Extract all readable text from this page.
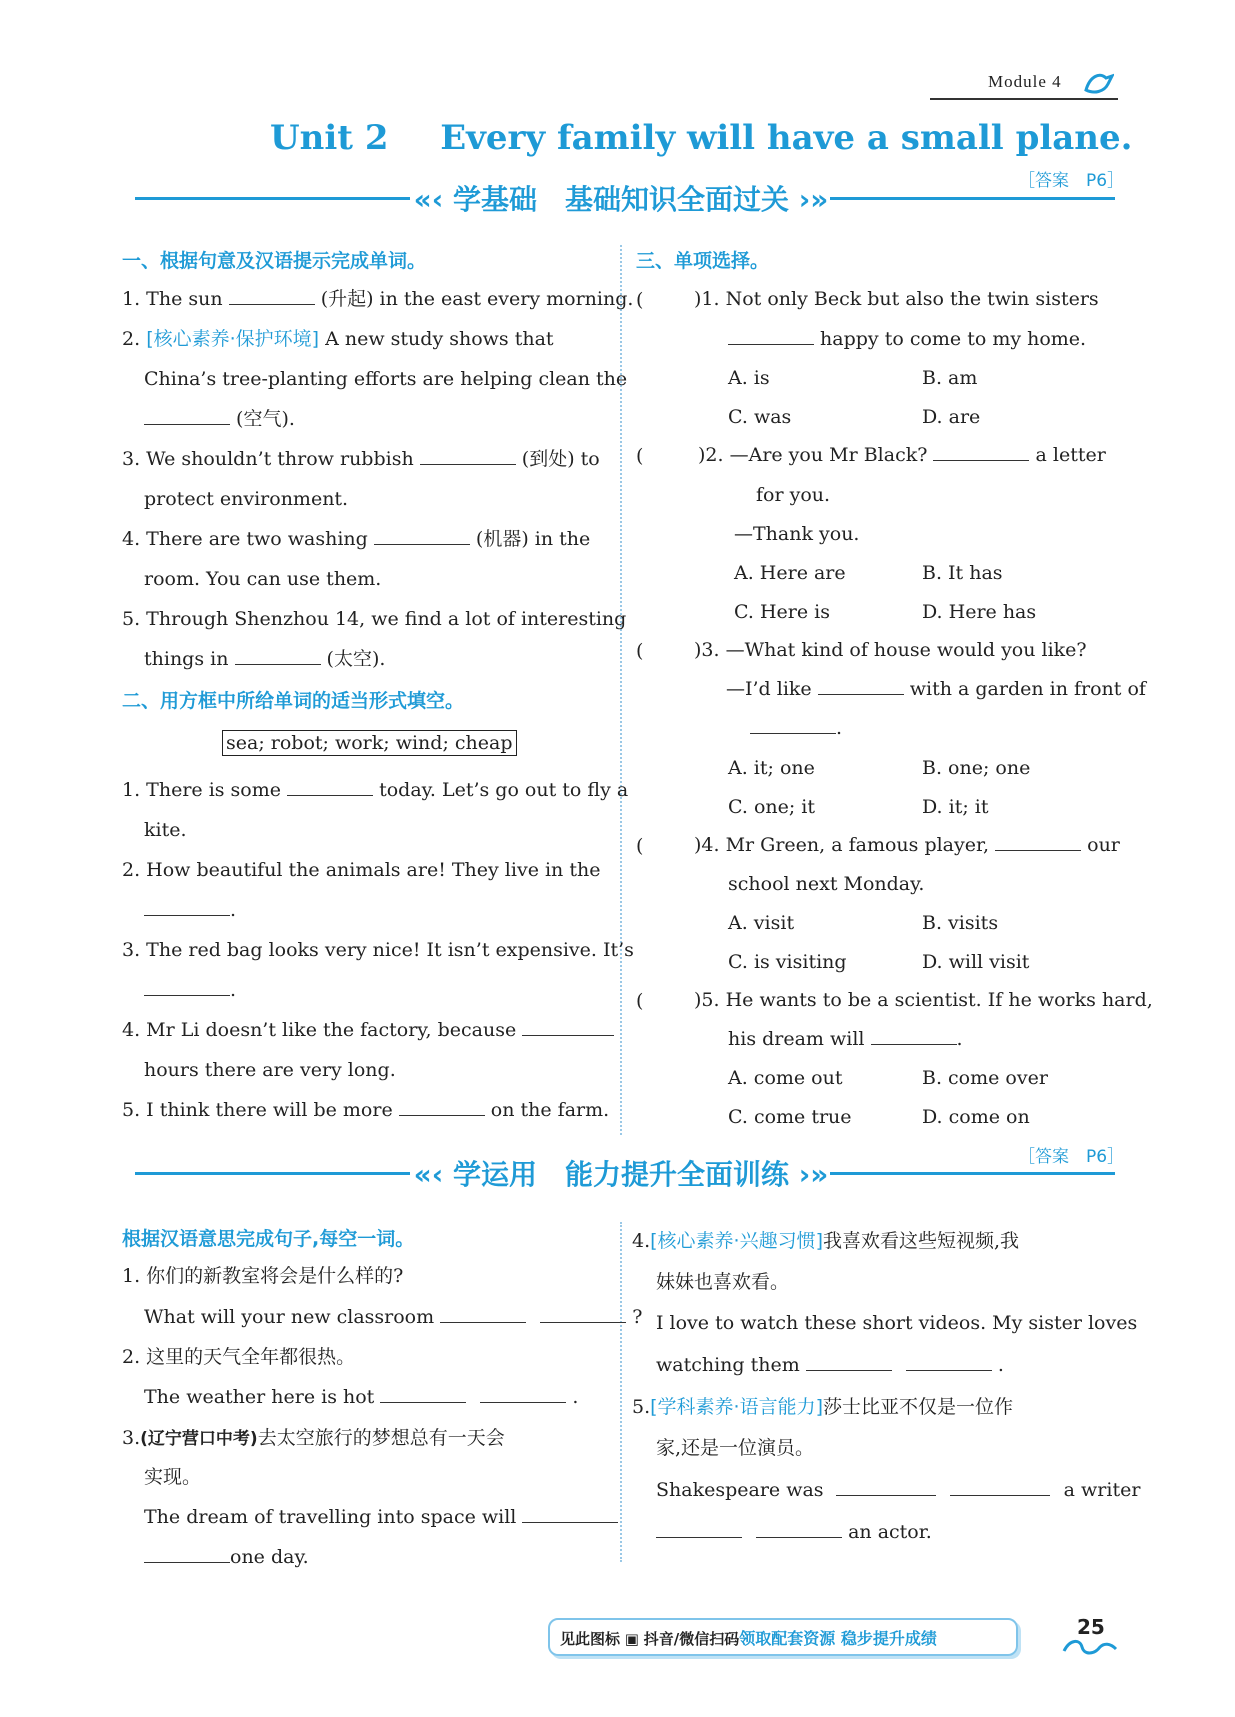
Module 4
Unit 2 Every family will have a small plane.
［答案　P6］
«‹ 学基础　基础知识全面过关 ›»
一、根据句意及汉语提示完成单词。
1. The sun	(升起) in the east every morning.
2. [核心素养·保护环境] A new study shows that
China’s tree-planting efforts are helping clean the
(空气).
3. We shouldn’t throw rubbish	(到处) to
protect environment.
4. There are two washing	(机器) in the
room. You can use them.
5. Through Shenzhou 14, we find a lot of interesting
things in	(太空).
二、用方框中所给单词的适当形式填空。
sea; robot; work; wind; cheap
1. There is some	today. Let’s go out to fly a
kite.
2. How beautiful the animals are! They live in the
.
3. The red bag looks very nice! It isn’t expensive. It’s
.
4. Mr Li doesn’t like the factory, because
hours there are very long.
5. I think there will be more	on the farm.
三、单项选择。
(	)1. Not only Beck but also the twin sisters
happy to come to my home.
A. is	B. am
C. was	D. are
(	)2. —Are you Mr Black?	a letter
for you.
—Thank you.
A. Here are	B. It has
C. Here is	D. Here has
(	)3. —What kind of house would you like?
—I’d like	with a garden in front of
.
A. it; one	B. one; one
C. one; it	D. it; it
(	)4. Mr Green, a famous player,	our
school next Monday.
A. visit	B. visits
C. is visiting	D. will visit
(	)5. He wants to be a scientist. If he works hard,
his dream will	.
A. come out	B. come over
C. come true	D. come on
［答案　P6］
«‹ 学运用　能力提升全面训练 ›»
根据汉语意思完成句子,每空一词。
1. 你们的新教室将会是什么样的?
What will your new classroom	?
2. 这里的天气全年都很热。
The weather here is hot	.
3.(辽宁营口中考)去太空旅行的梦想总有一天会
实现。
The dream of travelling into space will
one day.
4.[核心素养·兴趣习惯]我喜欢看这些短视频,我
妹妹也喜欢看。
I love to watch these short videos. My sister loves
watching them	.
5.[学科素养·语言能力]莎士比亚不仅是一位作
家,还是一位演员。
Shakespeare was	a writer
an actor.
见此图标 ▣ 抖音/微信扫码领取配套资源 稳步提升成绩	25
